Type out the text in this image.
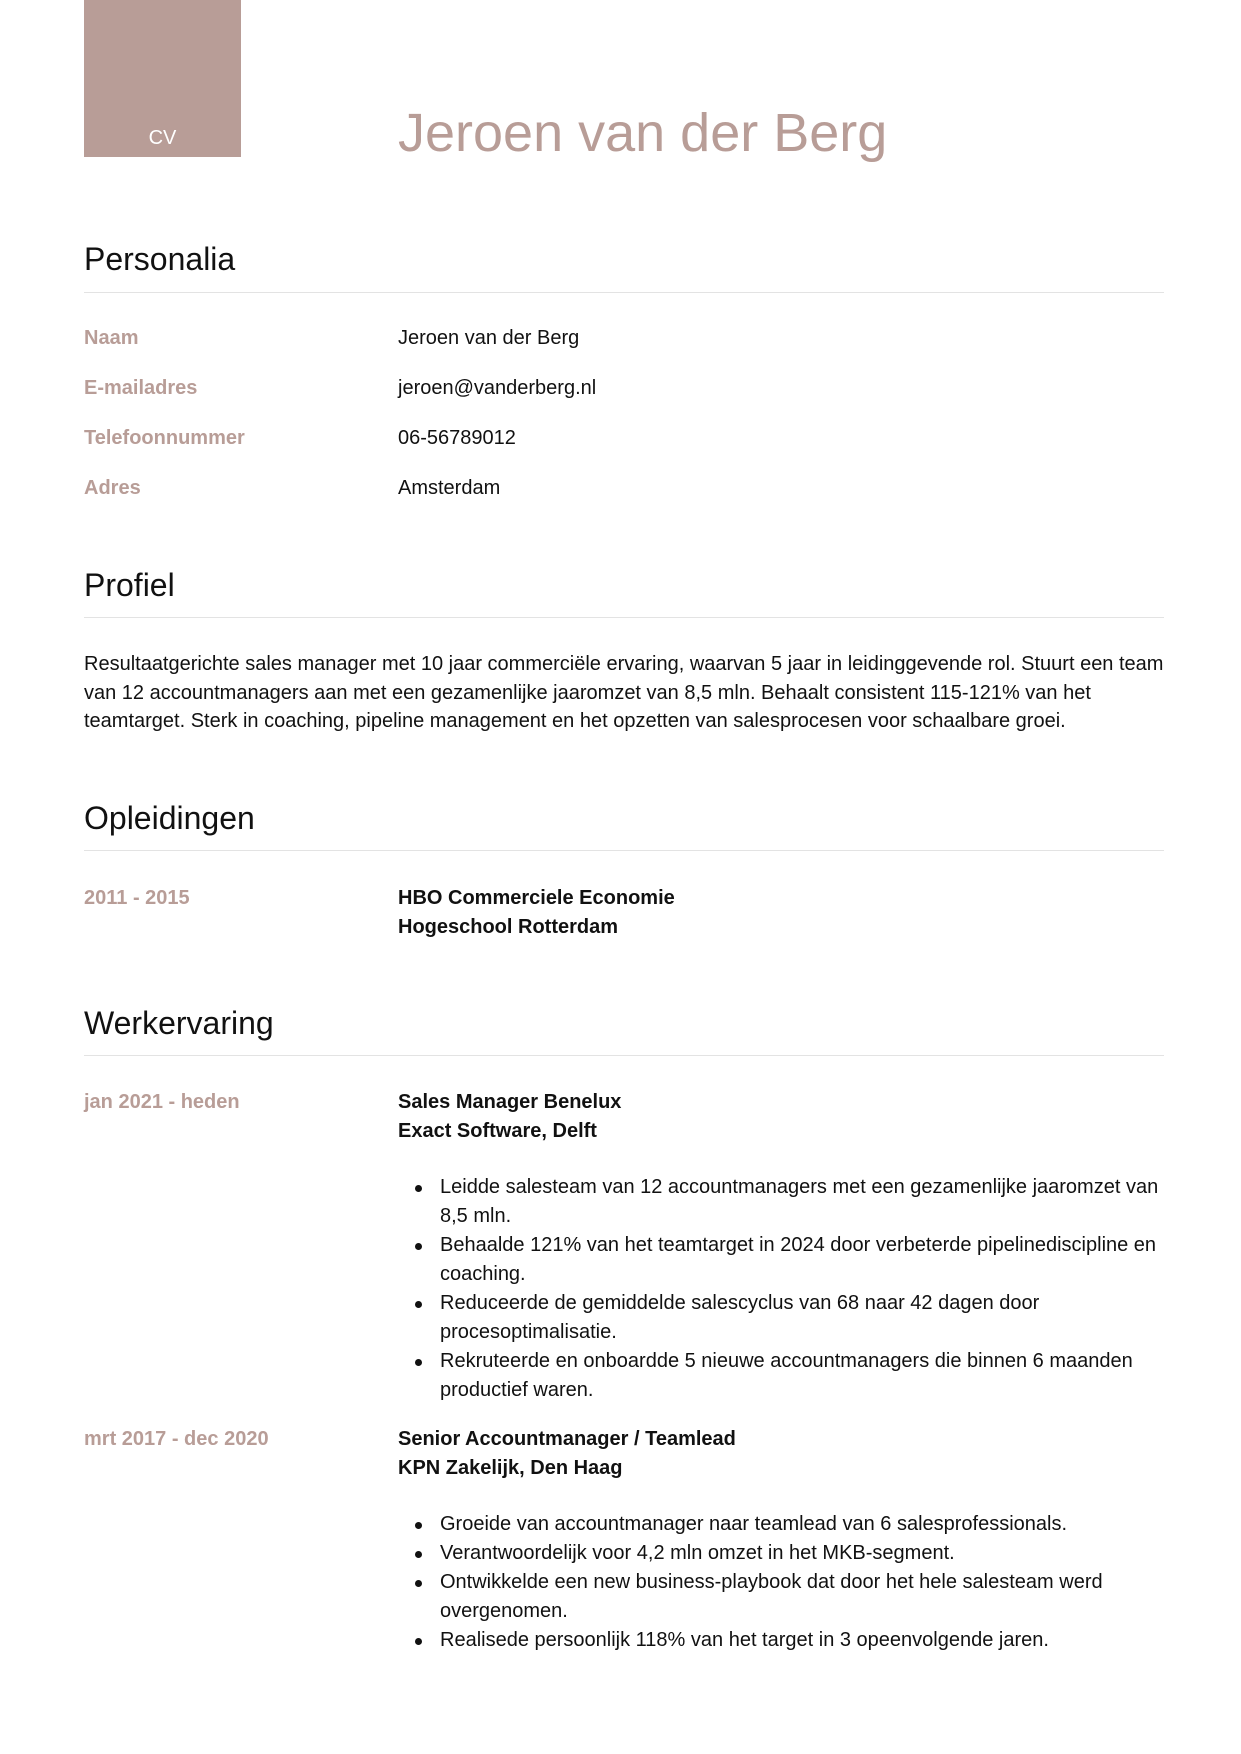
CV	Jeroen van der Berg
Personalia
Naam	Jeroen van der Berg
E-mailadres	jeroen@vanderberg.nl
Telefoonnummer	06-56789012
Adres	Amsterdam
Profiel

Resultaatgerichte sales manager met 10 jaar commerciële ervaring, waarvan 5 jaar in leidinggevende rol. Stuurt een team van 12 accountmanagers aan met een gezamenlijke jaaromzet van 8,5 mln. Behaalt consistent 115-121% van het teamtarget. Sterk in coaching, pipeline management en het opzetten van salesprocesen voor schaalbare groei.

Opleidingen
2011 - 2015	HBO Commerciele Economie
Hogeschool Rotterdam
Werkervaring
jan 2021 - heden	Sales Manager Benelux
Exact Software, Delft
Leidde salesteam van 12 accountmanagers met een gezamenlijke jaaromzet van 8,5 mln.
Behaalde 121% van het teamtarget in 2024 door verbeterde pipelinediscipline en coaching.
Reduceerde de gemiddelde salescyclus van 68 naar 42 dagen door procesoptimalisatie.
Rekruteerde en onboardde 5 nieuwe accountmanagers die binnen 6 maanden productief waren.
mrt 2017 - dec 2020	Senior Accountmanager / Teamlead
KPN Zakelijk, Den Haag
Groeide van accountmanager naar teamlead van 6 salesprofessionals.
Verantwoordelijk voor 4,2 mln omzet in het MKB-segment.
Ontwikkelde een new business-playbook dat door het hele salesteam werd overgenomen.
Realisede persoonlijk 118% van het target in 3 opeenvolgende jaren.
